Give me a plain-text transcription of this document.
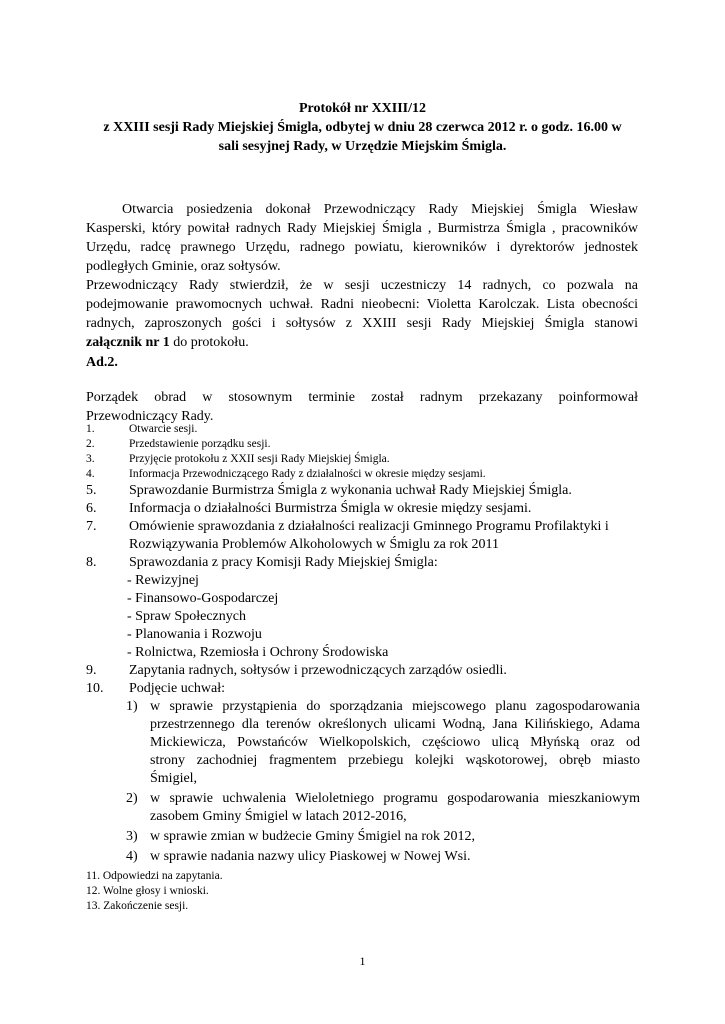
Protokół nr XXIII/12
z XXIII sesji Rady Miejskiej Śmigla, odbytej w dniu 28 czerwca 2012 r. o godz. 16.00 w
sali sesyjnej Rady, w Urzędzie Miejskim Śmigla.
Otwarcia posiedzenia dokonał Przewodniczący Rady Miejskiej Śmigla Wiesław
Kasperski, który powitał radnych Rady Miejskiej Śmigla , Burmistrza Śmigla , pracowników
Urzędu, radcę prawnego Urzędu, radnego powiatu, kierowników i dyrektorów jednostek
podległych Gminie, oraz sołtysów.
Przewodniczący Rady stwierdził, że w sesji uczestniczy 14 radnych, co pozwala na
podejmowanie prawomocnych uchwał. Radni nieobecni: Violetta Karolczak. Lista obecności
radnych, zaproszonych gości i sołtysów z XXIII sesji Rady Miejskiej Śmigla stanowi
załącznik nr 1 do protokołu.
Ad.2.
Porządek obrad w stosownym terminie został radnym przekazany poinformował
Przewodniczący Rady.
1.	Otwarcie sesji.
2.	Przedstawienie porządku sesji.
3.	Przyjęcie protokołu z XXII sesji Rady Miejskiej Śmigla.
4.	Informacja Przewodniczącego Rady z działalności w okresie między sesjami.
5. Sprawozdanie Burmistrza Śmigla z wykonania uchwał Rady Miejskiej Śmigla.
6. Informacja o działalności Burmistrza Śmigla w okresie między sesjami.
7. Omówienie sprawozdania z działalności realizacji Gminnego Programu Profilaktyki i
Rozwiązywania Problemów Alkoholowych w Śmiglu za rok 2011
8. Sprawozdania z pracy Komisji Rady Miejskiej Śmigla:
- Rewizyjnej
- Finansowo-Gospodarczej
- Spraw Społecznych
- Planowania i Rozwoju
- Rolnictwa, Rzemiosła i Ochrony Środowiska
9. Zapytania radnych, sołtysów i przewodniczących zarządów osiedli.
10. Podjęcie uchwał:
1) w sprawie przystąpienia do sporządzania miejscowego planu zagospodarowania
przestrzennego dla terenów określonych ulicami Wodną, Jana Kilińskiego, Adama
Mickiewicza, Powstańców Wielkopolskich, częściowo ulicą Młyńską oraz od
strony zachodniej fragmentem przebiegu kolejki wąskotorowej, obręb miasto
Śmigiel,
2) w sprawie uchwalenia Wieloletniego programu gospodarowania mieszkaniowym
zasobem Gminy Śmigiel w latach 2012-2016,
3) w sprawie zmian w budżecie Gminy Śmigiel na rok 2012,
4) w sprawie nadania nazwy ulicy Piaskowej w Nowej Wsi.
11. Odpowiedzi na zapytania.
12. Wolne głosy i wnioski.
13. Zakończenie sesji.
1
